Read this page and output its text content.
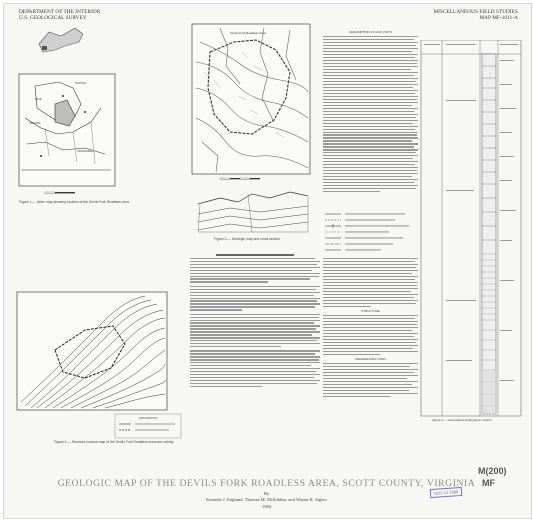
DEPARTMENT OF THE INTERIOR
U.S. GEOLOGICAL SURVEY
MISCELLANEOUS FIELD STUDIES
MAP MF-1611-A
NORTON
VIRGINIA
TENNESSEE
WISE
Figure 1.— Index map showing location of the Devils Fork Roadless Area.
Devils Fork Roadless Area
Figure 2.— Geologic map and cross section.
DESCRIPTION OF MAP UNITS
STRUCTURE
REFERENCES CITED
Figure 3.— Generalized stratigraphic column.
EXPLANATION
Figure 4.— Structure contour map of the Devils Fork Roadless Area and vicinity.
GEOLOGIC MAP OF THE DEVILS FORK ROADLESS AREA, SCOTT COUNTY, VIRGINIA
By
Kenneth J. Englund, Thomas M. McKibbin, and Wayne R. Sigleo
1984
M(200)
MF
NOV 12 1985
